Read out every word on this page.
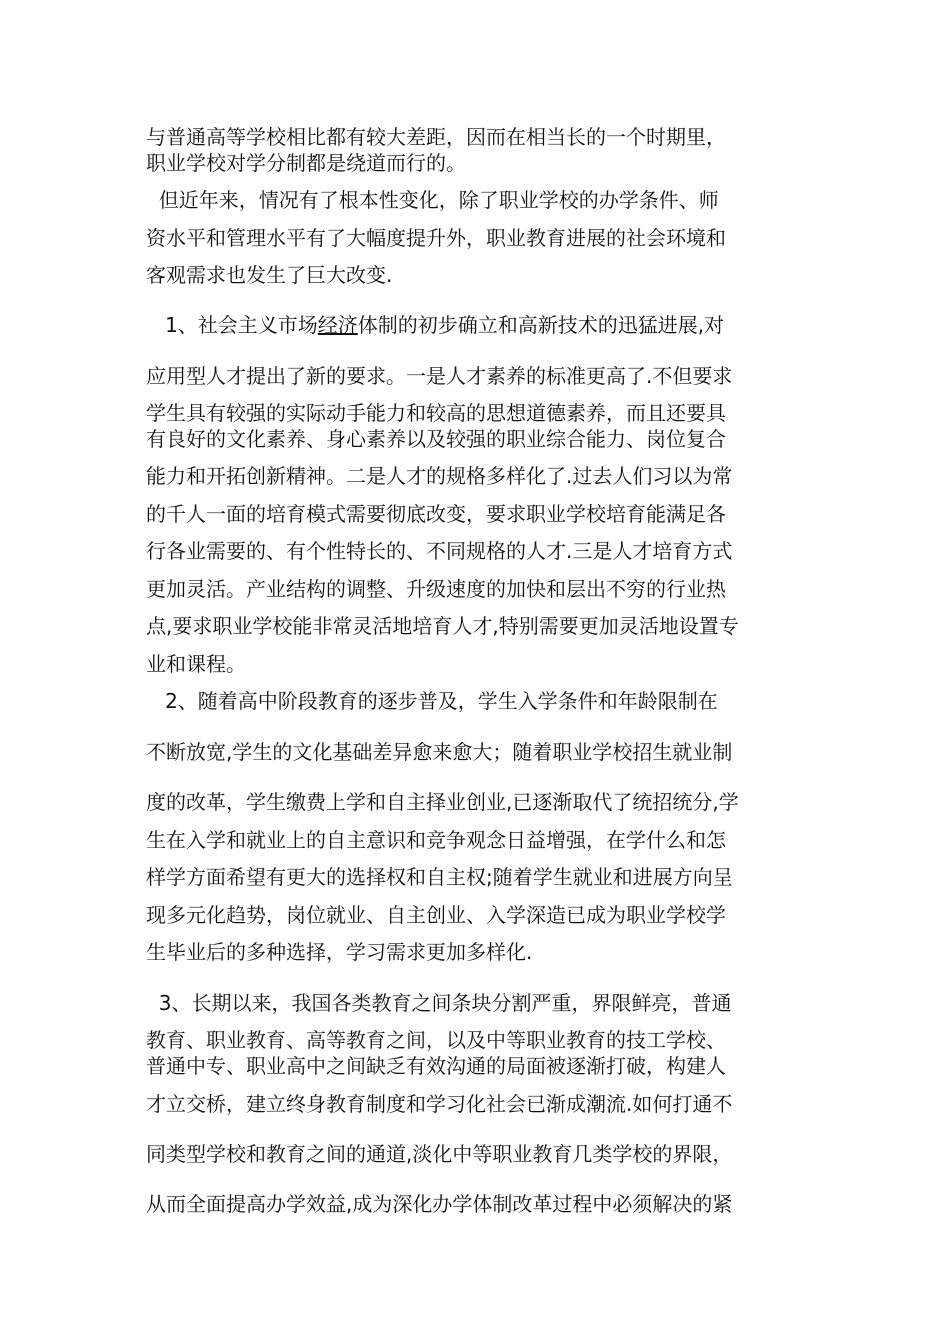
与普通高等学校相比都有较大差距，因而在相当长的一个时期里，
职业学校对学分制都是绕道而行的。
但近年来，情况有了根本性变化，除了职业学校的办学条件、师
资水平和管理水平有了大幅度提升外，职业教育进展的社会环境和
客观需求也发生了巨大改变.
1、社会主义市场经济体制的初步确立和高新技术的迅猛进展,对
应用型人才提出了新的要求。一是人才素养的标准更高了.不但要求
学生具有较强的实际动手能力和较高的思想道德素养，而且还要具
有良好的文化素养、身心素养以及较强的职业综合能力、岗位复合
能力和开拓创新精神。二是人才的规格多样化了.过去人们习以为常
的千人一面的培育模式需要彻底改变，要求职业学校培育能满足各
行各业需要的、有个性特长的、不同规格的人才.三是人才培育方式
更加灵活。产业结构的调整、升级速度的加快和层出不穷的行业热
点,要求职业学校能非常灵活地培育人才,特别需要更加灵活地设置专
业和课程。
2、随着高中阶段教育的逐步普及，学生入学条件和年龄限制在
不断放宽,学生的文化基础差异愈来愈大；随着职业学校招生就业制
度的改革，学生缴费上学和自主择业创业,已逐渐取代了统招统分,学
生在入学和就业上的自主意识和竞争观念日益增强，在学什么和怎
样学方面希望有更大的选择权和自主权;随着学生就业和进展方向呈
现多元化趋势，岗位就业、自主创业、入学深造已成为职业学校学
生毕业后的多种选择，学习需求更加多样化.
3、长期以来，我国各类教育之间条块分割严重，界限鲜亮，普通
教育、职业教育、高等教育之间，以及中等职业教育的技工学校、
普通中专、职业高中之间缺乏有效沟通的局面被逐渐打破，构建人
才立交桥，建立终身教育制度和学习化社会已渐成潮流.如何打通不
同类型学校和教育之间的通道,淡化中等职业教育几类学校的界限，
从而全面提高办学效益,成为深化办学体制改革过程中必须解决的紧
